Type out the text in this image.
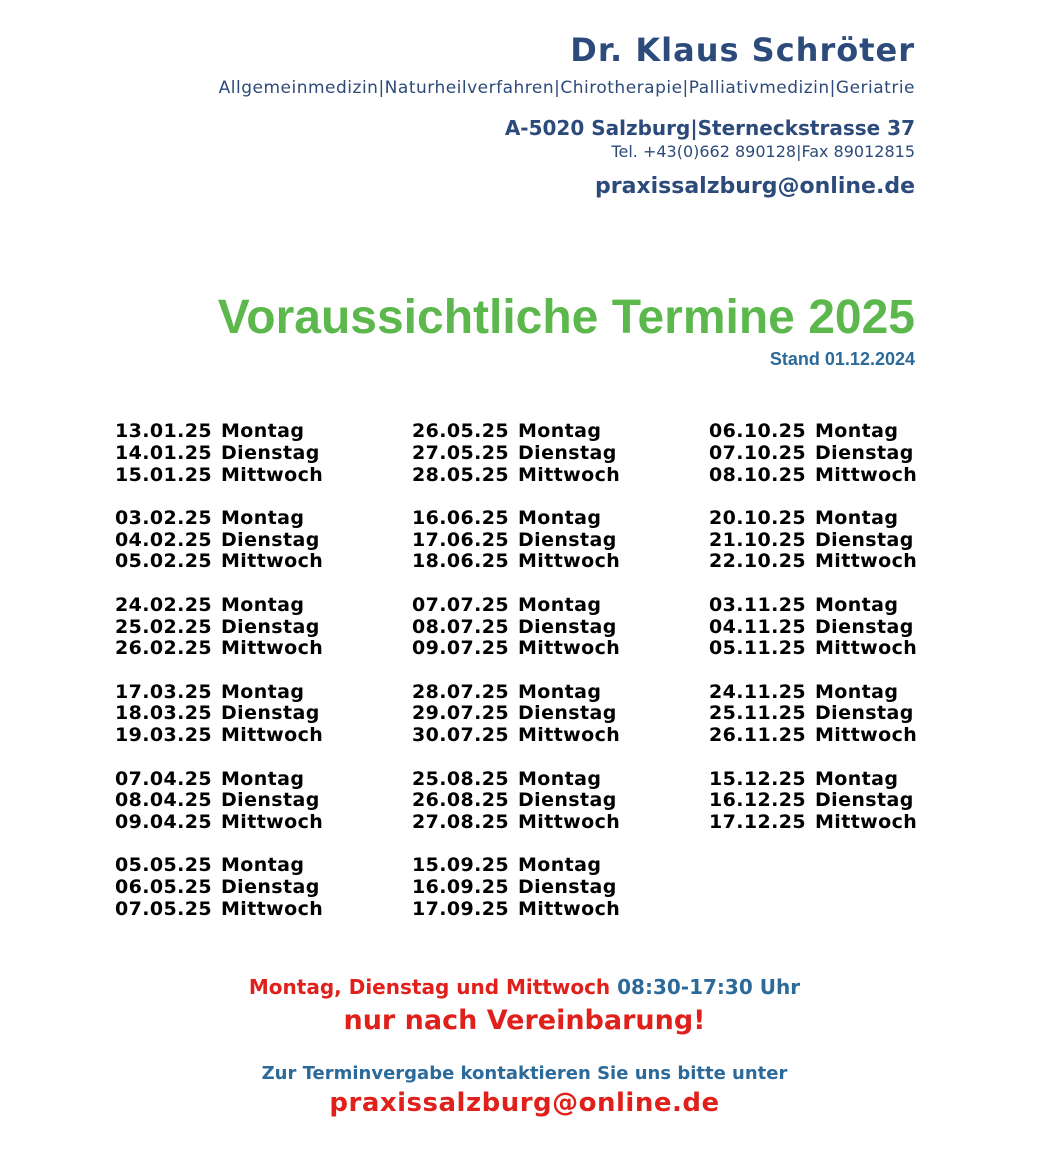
Dr. Klaus Schröter
Allgemeinmedizin|Naturheilverfahren|Chirotherapie|Palliativmedizin|Geriatrie
A-5020 Salzburg|Sterneckstrasse 37
Tel. +43(0)662 890128|Fax 89012815
praxissalzburg@online.de
Voraussichtliche Termine 2025
Stand 01.12.2024
13.01.25 Montag
14.01.25 Dienstag
15.01.25 Mittwoch
03.02.25 Montag
04.02.25 Dienstag
05.02.25 Mittwoch
24.02.25 Montag
25.02.25 Dienstag
26.02.25 Mittwoch
17.03.25 Montag
18.03.25 Dienstag
19.03.25 Mittwoch
07.04.25 Montag
08.04.25 Dienstag
09.04.25 Mittwoch
05.05.25 Montag
06.05.25 Dienstag
07.05.25 Mittwoch
26.05.25 Montag
27.05.25 Dienstag
28.05.25 Mittwoch
16.06.25 Montag
17.06.25 Dienstag
18.06.25 Mittwoch
07.07.25 Montag
08.07.25 Dienstag
09.07.25 Mittwoch
28.07.25 Montag
29.07.25 Dienstag
30.07.25 Mittwoch
25.08.25 Montag
26.08.25 Dienstag
27.08.25 Mittwoch
15.09.25 Montag
16.09.25 Dienstag
17.09.25 Mittwoch
06.10.25 Montag
07.10.25 Dienstag
08.10.25 Mittwoch
20.10.25 Montag
21.10.25 Dienstag
22.10.25 Mittwoch
03.11.25 Montag
04.11.25 Dienstag
05.11.25 Mittwoch
24.11.25 Montag
25.11.25 Dienstag
26.11.25 Mittwoch
15.12.25 Montag
16.12.25 Dienstag
17.12.25 Mittwoch
Montag, Dienstag und Mittwoch 08:30-17:30 Uhr
nur nach Vereinbarung!
Zur Terminvergabe kontaktieren Sie uns bitte unter
praxissalzburg@online.de
